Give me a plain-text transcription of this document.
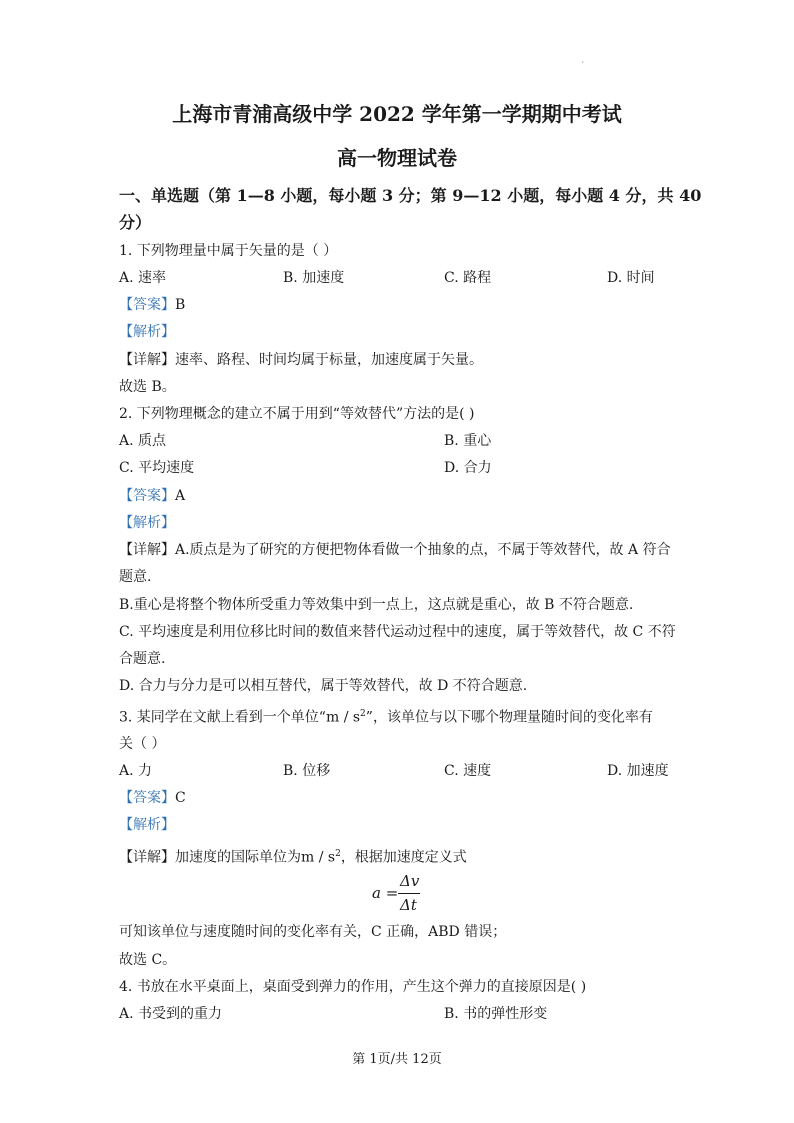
·
上海市青浦高级中学 2022 学年第一学期期中考试
高一物理试卷
一、单选题（第 1—8 小题，每小题 3 分；第 9—12 小题，每小题 4 分，共 40
分）
1. 下列物理量中属于矢量的是（ ）
A. 速率	B. 加速度	C. 路程	D. 时间
【答案】B
【解析】
【详解】速率、路程、时间均属于标量，加速度属于矢量。
故选 B。
2. 下列物理概念的建立不属于用到“等效替代”方法的是( )
A. 质点	B. 重心
C. 平均速度	D. 合力
【答案】A
【解析】
【详解】A.质点是为了研究的方便把物体看做一个抽象的点，不属于等效替代，故 A 符合
题意.
B.重心是将整个物体所受重力等效集中到一点上，这点就是重心，故 B 不符合题意.
C. 平均速度是利用位移比时间的数值来替代运动过程中的速度，属于等效替代，故 C 不符
合题意.
D. 合力与分力是可以相互替代，属于等效替代，故 D 不符合题意.
3. 某同学在文献上看到一个单位“m / $s^2$”，该单位与以下哪个物理量随时间的变化率有
关（ ）
A. 力	B. 位移	C. 速度	D. 加速度
【答案】C
【解析】
【详解】加速度的国际单位为m / $s^2$，根据加速度定义式
a =
Δv
Δt
可知该单位与速度随时间的变化率有关，C 正确，ABD 错误；
故选 C。
4. 书放在水平桌面上，桌面受到弹力的作用，产生这个弹力的直接原因是( )
A. 书受到的重力	B. 书的弹性形变
第 1页/共 12页
